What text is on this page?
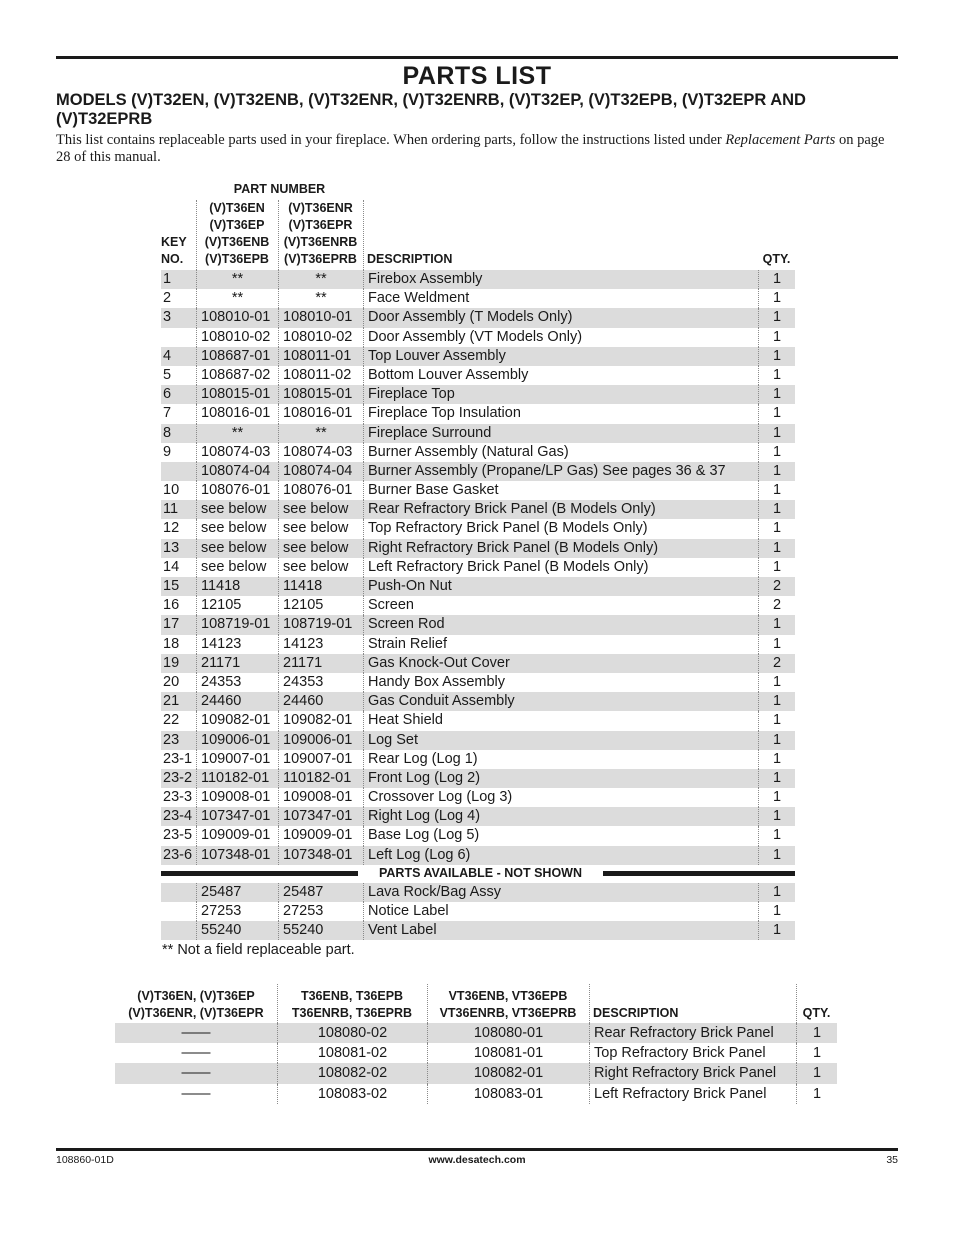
PARTS LIST
MODELS (V)T32EN, (V)T32ENB, (V)T32ENR, (V)T32ENRB, (V)T32EP, (V)T32EPB, (V)T32EPR AND (V)T32EPRB
This list contains replaceable parts used in your fireplace. When ordering parts, follow the instructions listed under Replacement Parts on page 28 of this manual.
PART NUMBER
(V)T36EN
(V)T36EP
(V)T36ENB
(V)T36EPB
(V)T36ENR
(V)T36EPR
(V)T36ENRB
(V)T36EPRB
KEY
NO.	DESCRIPTION	QTY.
1	**	**	Firebox Assembly	1
2	**	**	Face Weldment	1
3	108010-01 108010-01	Door Assembly (T Models Only)	1
108010-02 108010-02	Door Assembly (VT Models Only)	1
4	108687-01 108011-01	Top Louver Assembly	1
5	108687-02 108011-02	Bottom Louver Assembly	1
6	108015-01 108015-01	Fireplace Top	1
7	108016-01 108016-01	Fireplace Top Insulation	1
8	**	**	Fireplace Surround	1
9	108074-03 108074-03	Burner Assembly (Natural Gas)	1
108074-04 108074-04	Burner Assembly (Propane/LP Gas) See pages 36 & 37	1
10	108076-01 108076-01	Burner Base Gasket	1
11	see below	see below	Rear Refractory Brick Panel (B Models Only)	1
12	see below	see below	Top Refractory Brick Panel (B Models Only)	1
13	see below	see below	Right Refractory Brick Panel (B Models Only)	1
14	see below	see below	Left Refractory Brick Panel (B Models Only)	1
15	11418	11418	Push-On Nut	2
16	12105	12105	Screen	2
17	108719-01 108719-01	Screen Rod	1
18	14123	14123	Strain Relief	1
19	21171	21171	Gas Knock-Out Cover	2
20	24353	24353	Handy Box Assembly	1
21	24460	24460	Gas Conduit Assembly	1
22	109082-01 109082-01	Heat Shield	1
23	109006-01 109006-01	Log Set	1
23-1 109007-01 109007-01	Rear Log (Log 1)	1
23-2 110182-01 110182-01	Front Log (Log 2)	1
23-3 109008-01 109008-01	Crossover Log (Log 3)	1
23-4 107347-01 107347-01	Right Log (Log 4)	1
23-5 109009-01 109009-01	Base Log (Log 5)	1
23-6 107348-01 107348-01	Left Log (Log 6)	1
PARTS AVAILABLE - NOT SHOWN
25487	25487	Lava Rock/Bag Assy	1
27253	27253	Notice Label	1
55240	55240	Vent Label	1
** Not a field replaceable part.
(V)T36EN, (V)T36EP
(V)T36ENR, (V)T36EPR
T36ENB, T36EPB
T36ENRB, T36EPRB
VT36ENB, VT36EPB
VT36ENRB, VT36EPRB	DESCRIPTION	QTY.
——	108080-02	108080-01	Rear Refractory Brick Panel	1
——	108081-02	108081-01	Top Refractory Brick Panel	1
——	108082-02	108082-01	Right Refractory Brick Panel	1
——	108083-02	108083-01	Left Refractory Brick Panel	1
108860-01D	www.desatech.com	35
